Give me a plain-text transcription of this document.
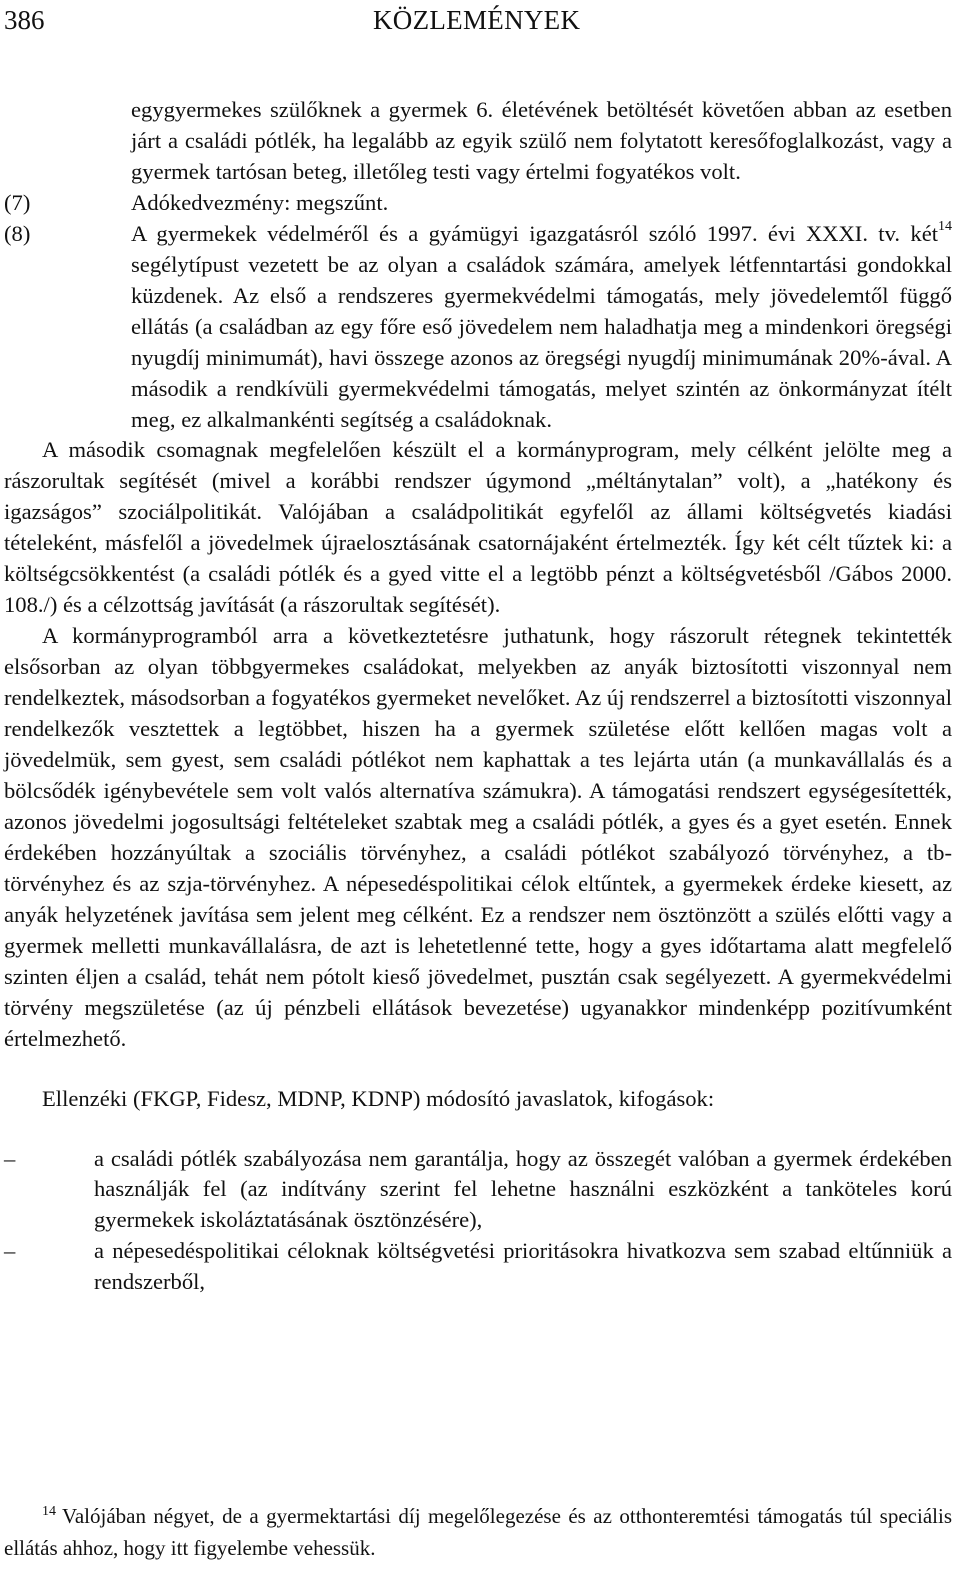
386	KÖZLEMÉNYEK

egygyermekes szülőknek a gyermek 6. életévének betöltését követően abban az esetben járt a családi pótlék, ha legalább az egyik szülő nem folytatott keresőfoglalkozást, vagy a gyermek tartósan beteg, illetőleg testi vagy értelmi fogyatékos volt.

(7)	Adókedvezmény: megszűnt.
(8)	A gyermekek védelméről és a gyámügyi igazgatásról szóló 1997. évi XXXI. tv. két$^{14}$ segélytípust vezetett be az olyan a családok számára, amelyek létfenntartási gondokkal küzdenek. Az első a rendszeres gyermekvédelmi támogatás, mely jövedelemtől függő ellátás (a családban az egy főre eső jövedelem nem haladhatja meg a mindenkori öregségi nyugdíj minimumát), havi összege azonos az öregségi nyugdíj minimumának 20%-ával. A második a rendkívüli gyermekvédelmi támogatás, melyet szintén az önkormányzat ítélt meg, ez alkalmankénti segítség a családoknak.

A második csomagnak megfelelően készült el a kormányprogram, mely célként jelölte meg a rászorultak segítését (mivel a korábbi rendszer úgymond „méltánytalan” volt), a „hatékony és igazságos” szociálpolitikát. Valójában a családpolitikát egyfelől az állami költségvetés kiadási tételeként, másfelől a jövedelmek újraelosztásának csatornájaként értelmezték. Így két célt tűztek ki: a költségcsökkentést (a családi pótlék és a gyed vitte el a legtöbb pénzt a költségvetésből /Gábos 2000. 108./) és a célzottság javítását (a rászorultak segítését).

A kormányprogramból arra a következtetésre juthatunk, hogy rászorult rétegnek tekintették elsősorban az olyan többgyermekes családokat, melyekben az anyák biztosítotti viszonnyal nem rendelkeztek, másodsorban a fogyatékos gyermeket nevelőket. Az új rendszerrel a biztosítotti viszonnyal rendelkezők vesztettek a legtöbbet, hiszen ha a gyermek születése előtt kellően magas volt a jövedelmük, sem gyest, sem családi pótlékot nem kaphattak a tes lejárta után (a munkavállalás és a bölcsődék igénybevétele sem volt valós alternatíva számukra). A támogatási rendszert egységesítették, azonos jövedelmi jogosultsági feltételeket szabtak meg a családi pótlék, a gyes és a gyet esetén. Ennek érdekében hozzányúltak a szociális törvényhez, a családi pótlékot szabályozó törvényhez, a tb-törvényhez és az szja-törvényhez. A népesedéspolitikai célok eltűntek, a gyermekek érdeke kiesett, az anyák helyzetének javítása sem jelent meg célként. Ez a rendszer nem ösztönzött a szülés előtti vagy a gyermek melletti munkavállalásra, de azt is lehetetlenné tette, hogy a gyes időtartama alatt megfelelő szinten éljen a család, tehát nem pótolt kieső jövedelmet, pusztán csak segélyezett. A gyermekvédelmi törvény megszületése (az új pénzbeli ellátások bevezetése) ugyanakkor mindenképp pozitívumként értelmezhető.

Ellenzéki (FKGP, Fidesz, MDNP, KDNP) módosító javaslatok, kifogások:

–	a családi pótlék szabályozása nem garantálja, hogy az összegét valóban a gyermek érdekében használják fel (az indítvány szerint fel lehetne használni eszközként a tanköteles korú gyermekek iskoláztatásának ösztönzésére),
–	a népesedéspolitikai céloknak költségvetési prioritásokra hivatkozva sem szabad eltűnniük a rendszerből,
$^{14}$ Valójában négyet, de a gyermektartási díj megelőlegezése és az otthonteremtési támogatás túl speciális ellátás ahhoz, hogy itt figyelembe vehessük.
